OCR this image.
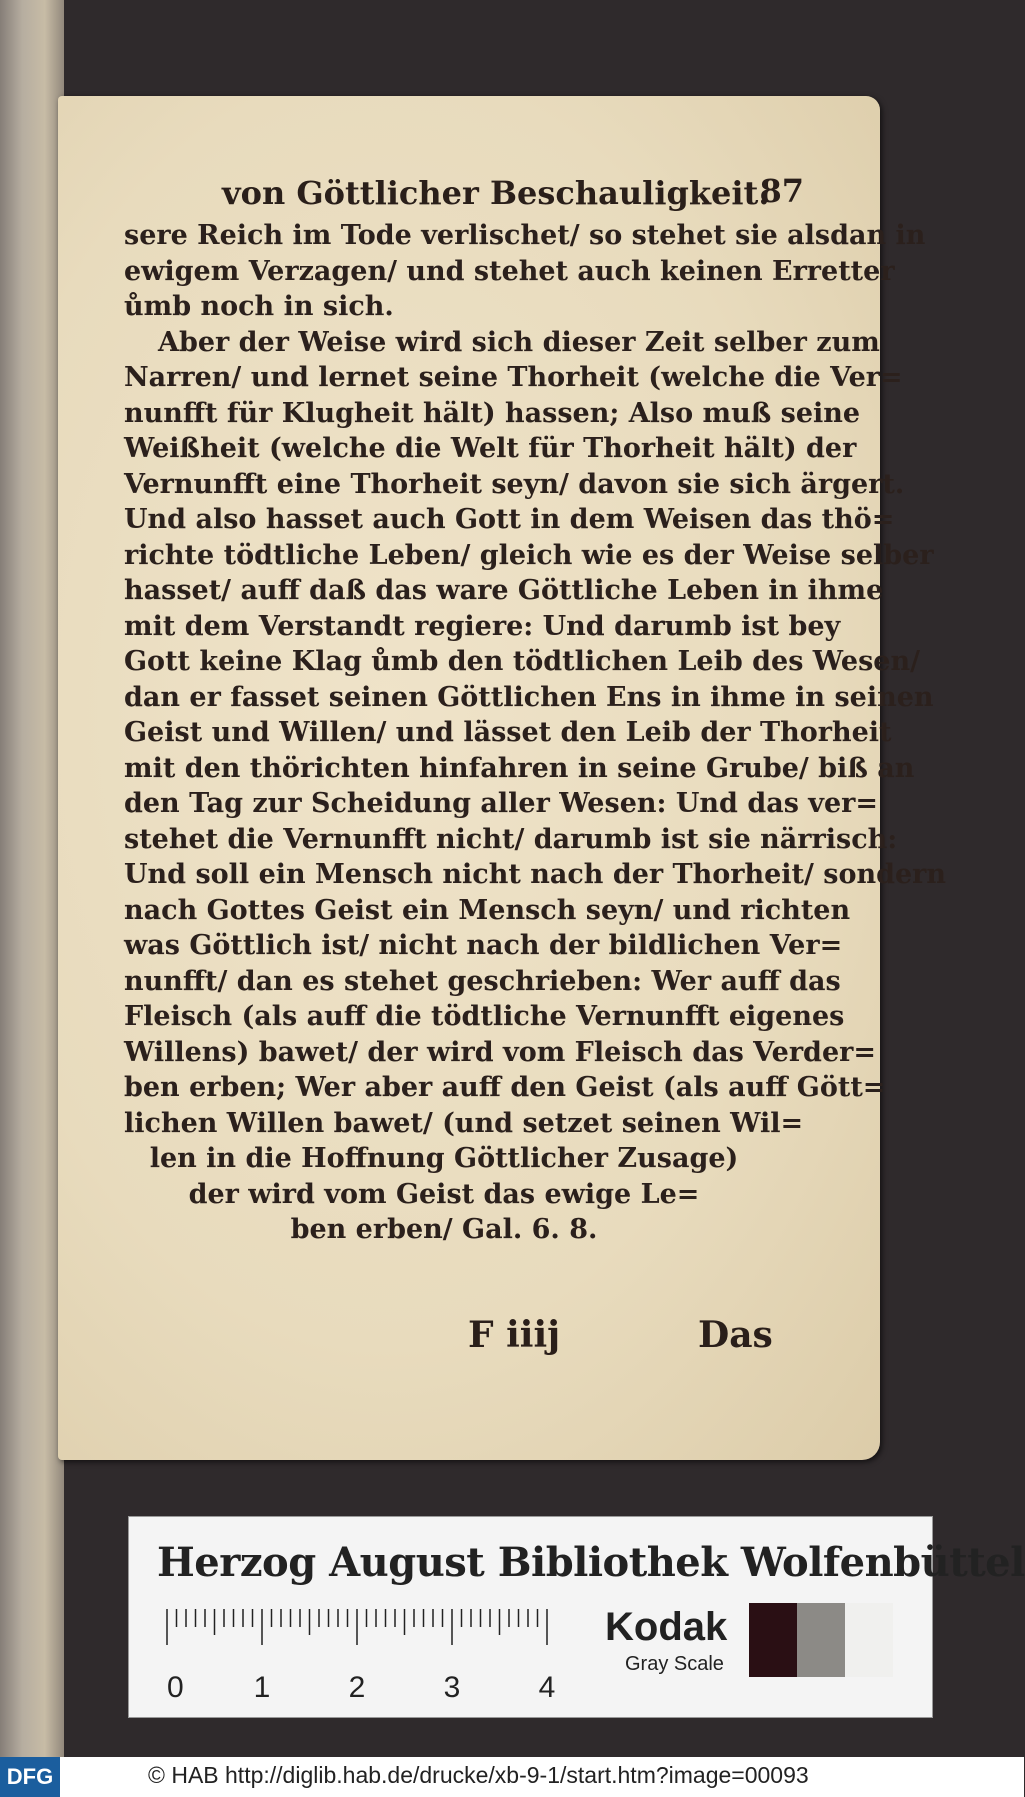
von Göttlicher Beschauligkeit.
87
sere Reich im Tode verlischet/ so stehet sie alsdan in
ewigem Verzagen/ und stehet auch keinen Erretter
ůmb noch in sich.
Aber der Weise wird sich dieser Zeit selber zum
Narren/ und lernet seine Thorheit (welche die Ver=
nunfft für Klugheit hält) hassen; Also muß seine
Weißheit (welche die Welt für Thorheit hält) der
Vernunfft eine Thorheit seyn/ davon sie sich ärgert.
Und also hasset auch Gott in dem Weisen das thö=
richte tödtliche Leben/ gleich wie es der Weise selber
hasset/ auff daß das ware Göttliche Leben in ihme
mit dem Verstandt regiere: Und darumb ist bey
Gott keine Klag ůmb den tödtlichen Leib des Wesen/
dan er fasset seinen Göttlichen Ens in ihme in seinen
Geist und Willen/ und lässet den Leib der Thorheit
mit den thörichten hinfahren in seine Grube/ biß an
den Tag zur Scheidung aller Wesen: Und das ver=
stehet die Vernunfft nicht/ darumb ist sie närrisch:
Und soll ein Mensch nicht nach der Thorheit/ sondern
nach Gottes Geist ein Mensch seyn/ und richten
was Göttlich ist/ nicht nach der bildlichen Ver=
nunfft/ dan es stehet geschrieben: Wer auff das
Fleisch (als auff die tödtliche Vernunfft eigenes
Willens) bawet/ der wird vom Fleisch das Verder=
ben erben; Wer aber auff den Geist (als auff Gött=
lichen Willen bawet/ (und setzet seinen Wil=
len in die Hoffnung Göttlicher Zusage)
der wird vom Geist das ewige Le=
ben erben/ Gal. 6. 8.
F iiij	Das
Herzog August Bibliothek Wolfenbüttel
0 1	2	3	4
Kodak
Gray Scale
DFG	© HAB http://diglib.hab.de/drucke/xb-9-1/start.htm?image=00093
